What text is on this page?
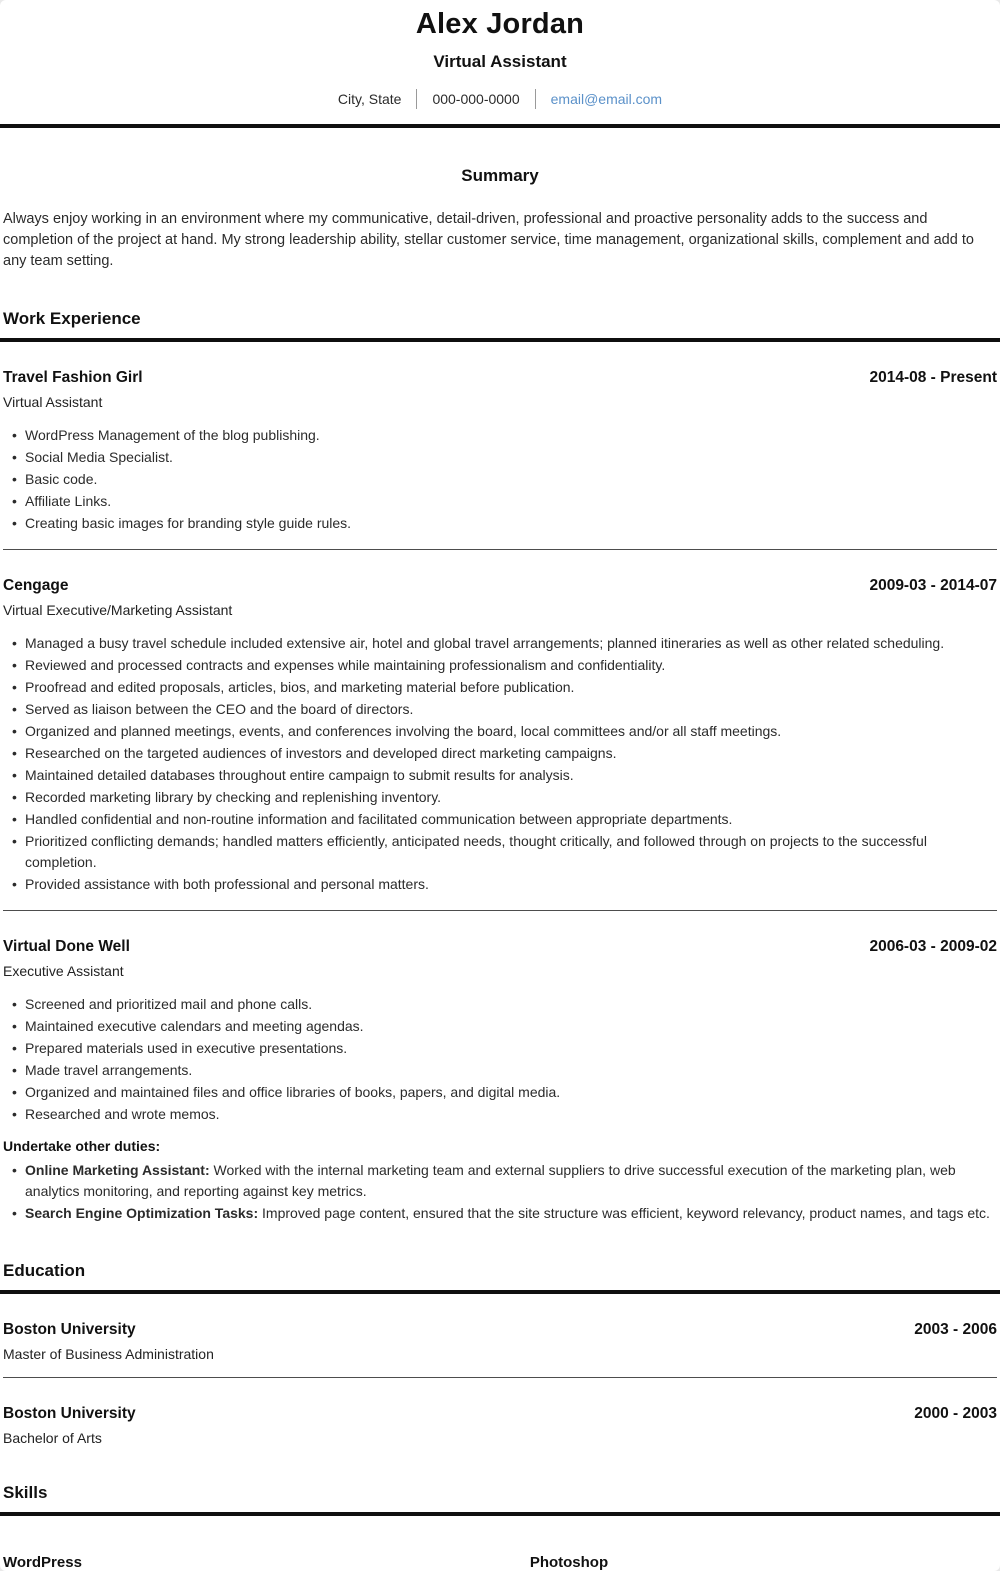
Alex Jordan
Virtual Assistant
City, State 000-000-0000 email@email.com
Summary

Always enjoy working in an environment where my communicative, detail-driven, professional and proactive personality adds to the success and completion of the project at hand. My strong leadership ability, stellar customer service, time management, organizational skills, complement and add to any team setting.

Work Experience
Travel Fashion Girl	2014-08 - Present
Virtual Assistant
• WordPress Management of the blog publishing.
• Social Media Specialist.
• Basic code.
• Affiliate Links.
• Creating basic images for branding style guide rules.
Cengage	2009-03 - 2014-07
Virtual Executive/Marketing Assistant
• Managed a busy travel schedule included extensive air, hotel and global travel arrangements; planned itineraries as well as other related scheduling.
• Reviewed and processed contracts and expenses while maintaining professionalism and confidentiality.
• Proofread and edited proposals, articles, bios, and marketing material before publication.
• Served as liaison between the CEO and the board of directors.
• Organized and planned meetings, events, and conferences involving the board, local committees and/or all staff meetings.
• Researched on the targeted audiences of investors and developed direct marketing campaigns.
• Maintained detailed databases throughout entire campaign to submit results for analysis.
• Recorded marketing library by checking and replenishing inventory.
• Handled confidential and non-routine information and facilitated communication between appropriate departments.
• Prioritized conflicting demands; handled matters efficiently, anticipated needs, thought critically, and followed through on projects to the successful completion.
• Provided assistance with both professional and personal matters.
Virtual Done Well	2006-03 - 2009-02
Executive Assistant
• Screened and prioritized mail and phone calls.
• Maintained executive calendars and meeting agendas.
• Prepared materials used in executive presentations.
• Made travel arrangements.
• Organized and maintained files and office libraries of books, papers, and digital media.
• Researched and wrote memos.
Undertake other duties:
• Online Marketing Assistant: Worked with the internal marketing team and external suppliers to drive successful execution of the marketing plan, web analytics monitoring, and reporting against key metrics.
• Search Engine Optimization Tasks: Improved page content, ensured that the site structure was efficient, keyword relevancy, product names, and tags etc.
Education
Boston University	2003 - 2006
Master of Business Administration
Boston University	2000 - 2003
Bachelor of Arts
Skills
WordPress	Photoshop
